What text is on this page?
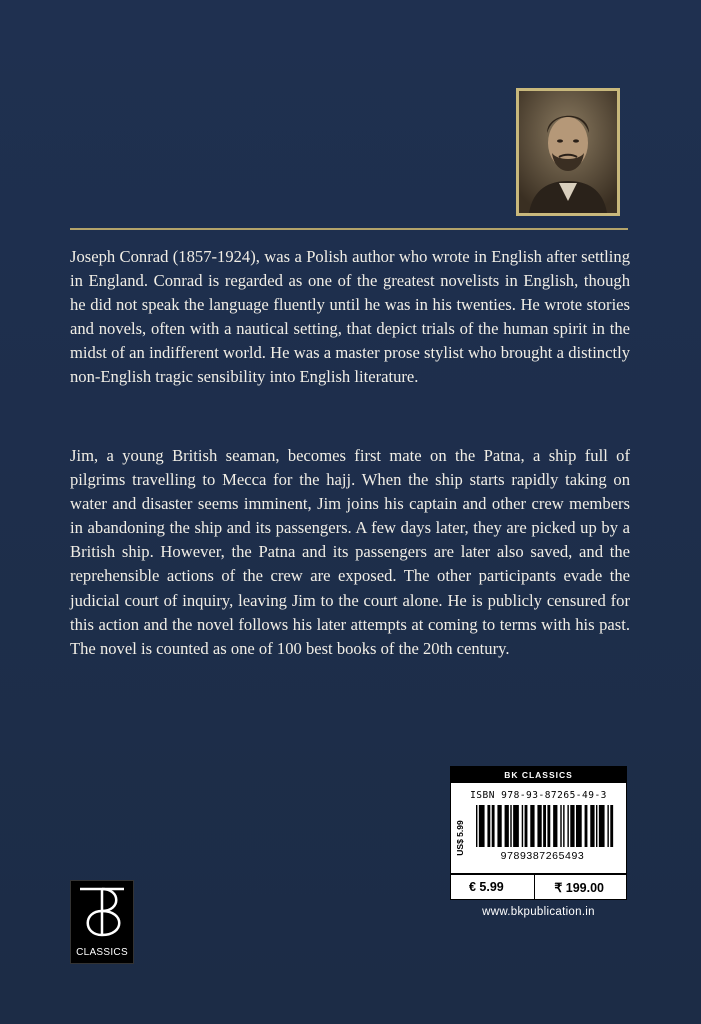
Joseph Conrad (1857-1924), was a Polish author who wrote in English after settling in England. Conrad is regarded as one of the greatest novelists in English, though he did not speak the language fluently until he was in his twenties. He wrote stories and novels, often with a nautical setting, that depict trials of the human spirit in the midst of an indifferent world. He was a master prose stylist who brought a distinctly non-English tragic sensibility into English literature.

Jim, a young British seaman, becomes first mate on the Patna, a ship full of pilgrims travelling to Mecca for the hajj. When the ship starts rapidly taking on water and disaster seems imminent, Jim joins his captain and other crew members in abandoning the ship and its passengers. A few days later, they are picked up by a British ship. However, the Patna and its passengers are later also saved, and the reprehensible actions of the crew are exposed. The other participants evade the judicial court of inquiry, leaving Jim to the court alone. He is publicly censured for this action and the novel follows his later attempts at coming to terms with his past. The novel is counted as one of 100 best books of the 20th century.

CLASSICS
BK CLASSICS
ISBN 978-93-87265-49-3
US$ 5.99
9789387265493
€ 5.99	₹ 199.00
www.bkpublication.in
